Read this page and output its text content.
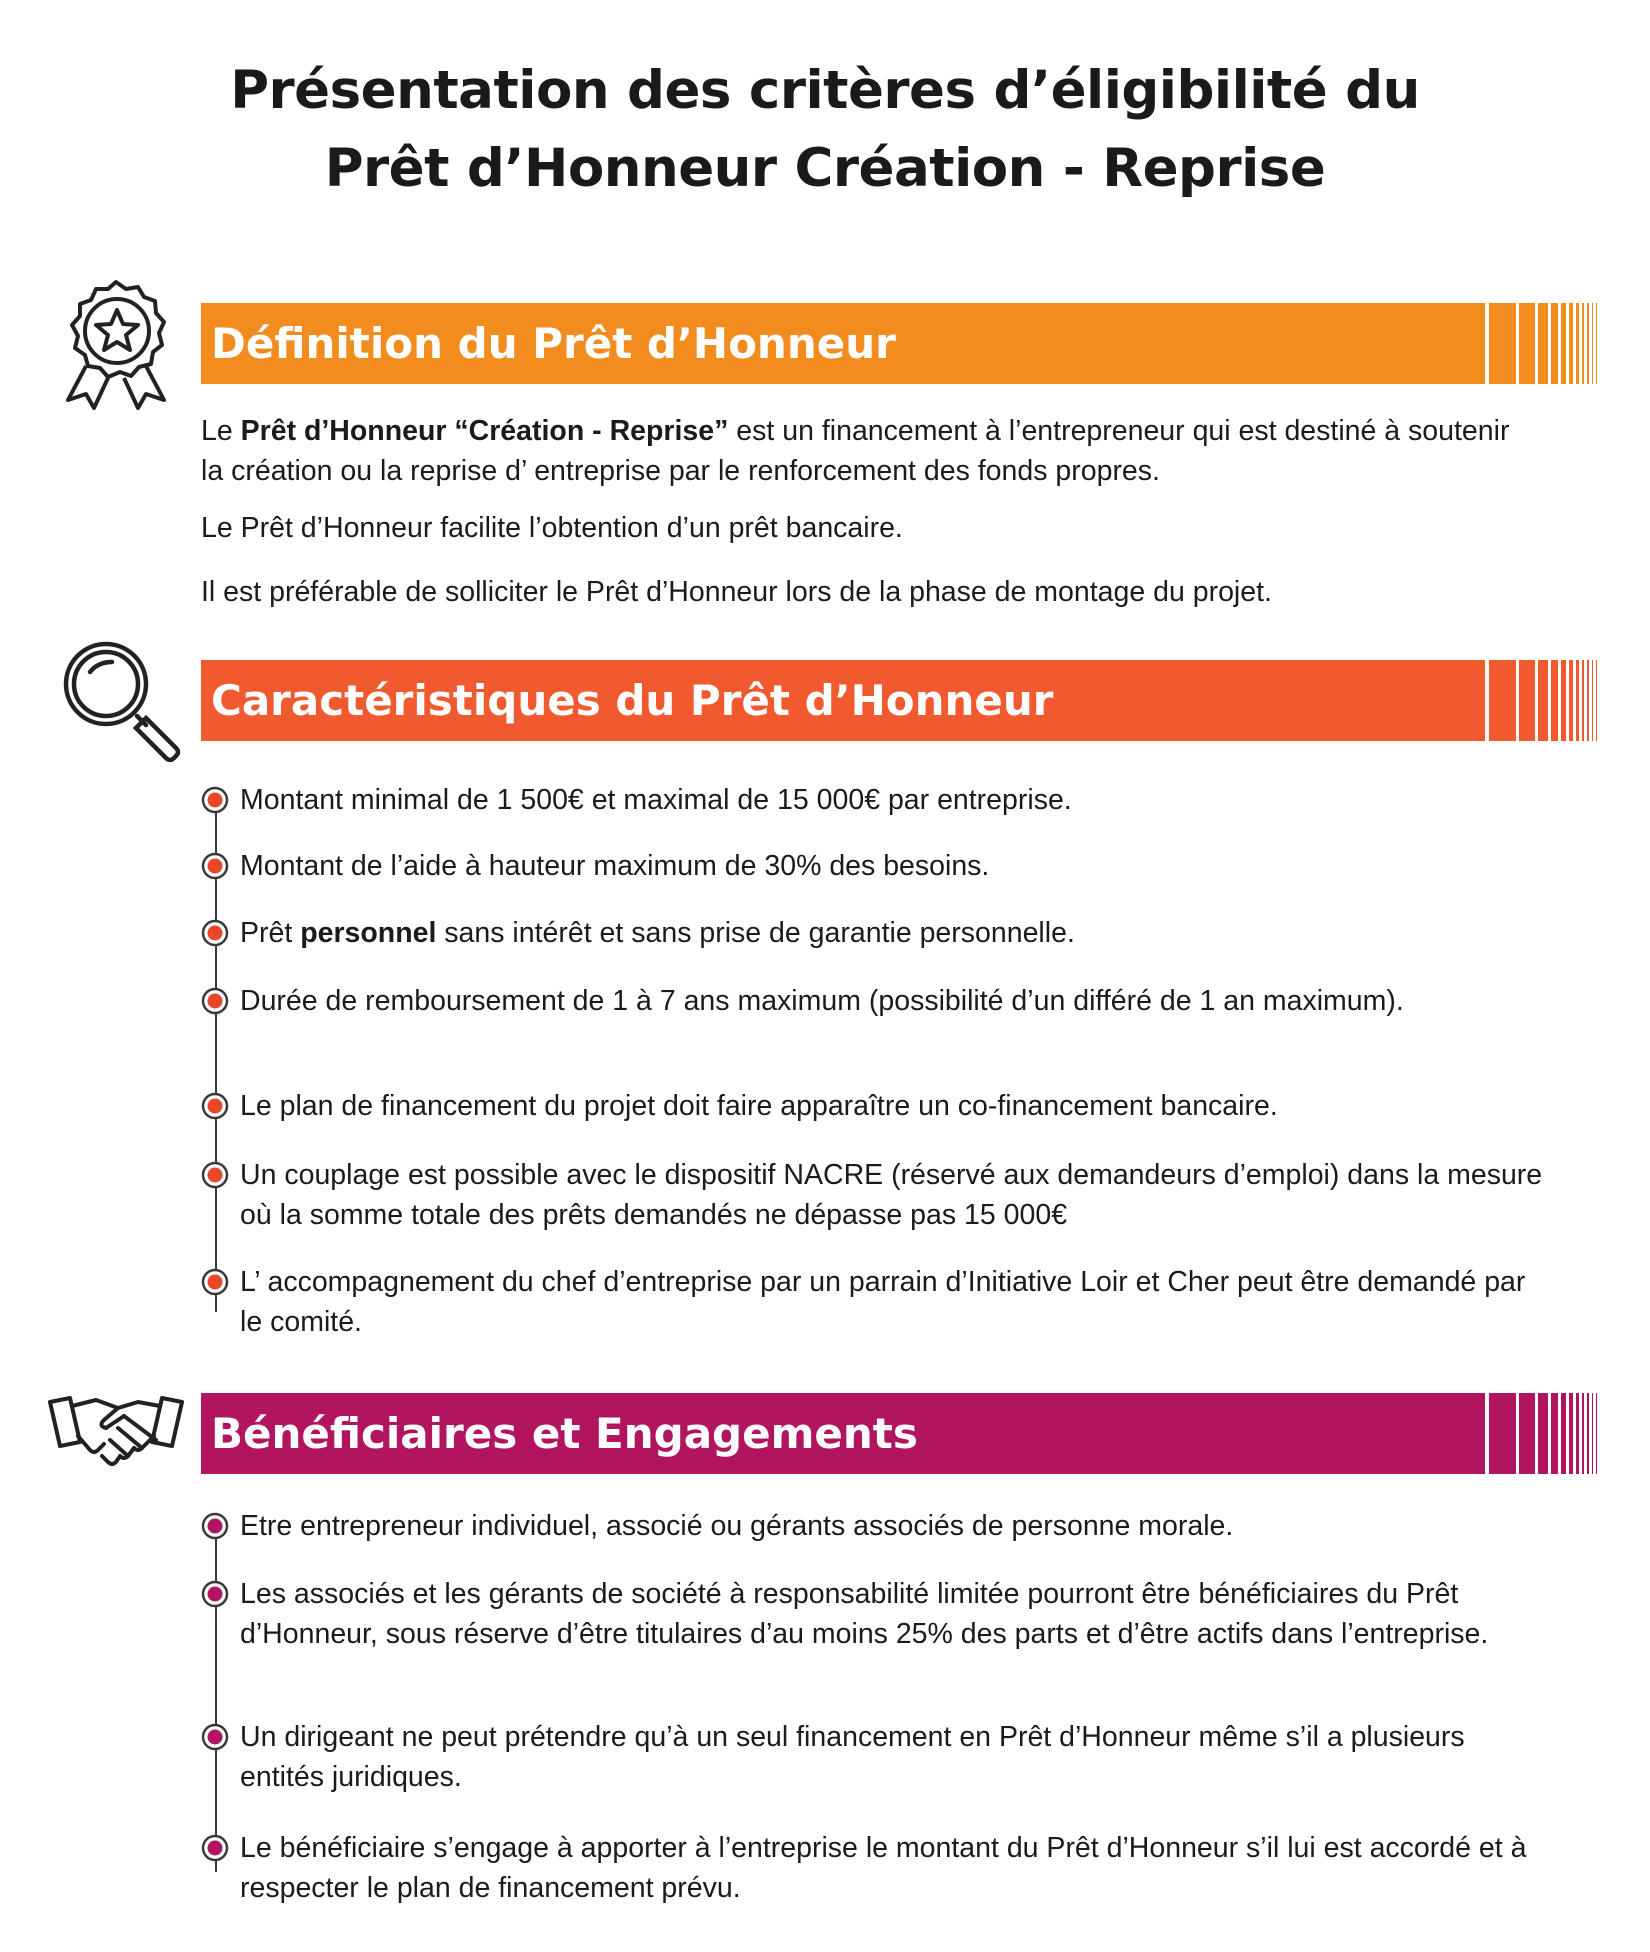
Présentation des critères d’éligibilité du
Prêt d’Honneur Création - Reprise
Définition du Prêt d’Honneur
Le Prêt d’Honneur “Création - Reprise” est un financement à l’entrepreneur qui est destiné à soutenir la création ou la reprise d’ entreprise par le renforcement des fonds propres.
Le Prêt d’Honneur facilite l’obtention d’un prêt bancaire.
Il est préférable de solliciter le Prêt d’Honneur lors de la phase de montage du projet.
Caractéristiques du Prêt d’Honneur
Montant minimal de 1 500€ et maximal de 15 000€ par entreprise.
Montant de l’aide à hauteur maximum de 30% des besoins.
Prêt personnel sans intérêt et sans prise de garantie personnelle.
Durée de remboursement de 1 à 7 ans maximum (possibilité d’un différé de 1 an maximum).
Le plan de financement du projet doit faire apparaître un co-financement bancaire.
Un couplage est possible avec le dispositif NACRE (réservé aux demandeurs d’emploi) dans la mesure où la somme totale des prêts demandés ne dépasse pas 15 000€
L’ accompagnement du chef d’entreprise par un parrain d’Initiative Loir et Cher peut être demandé par le comité.
Bénéficiaires et Engagements
Etre entrepreneur individuel, associé ou gérants associés de personne morale.
Les associés et les gérants de société à responsabilité limitée pourront être bénéficiaires du Prêt d’Honneur, sous réserve d’être titulaires d’au moins 25% des parts et d’être actifs dans l’entreprise.
Un dirigeant ne peut prétendre qu’à un seul financement en Prêt d’Honneur même s’il a plusieurs entités juridiques.
Le bénéficiaire s’engage à apporter à l’entreprise le montant du Prêt d’Honneur s’il lui est accordé et à respecter le plan de financement prévu.
